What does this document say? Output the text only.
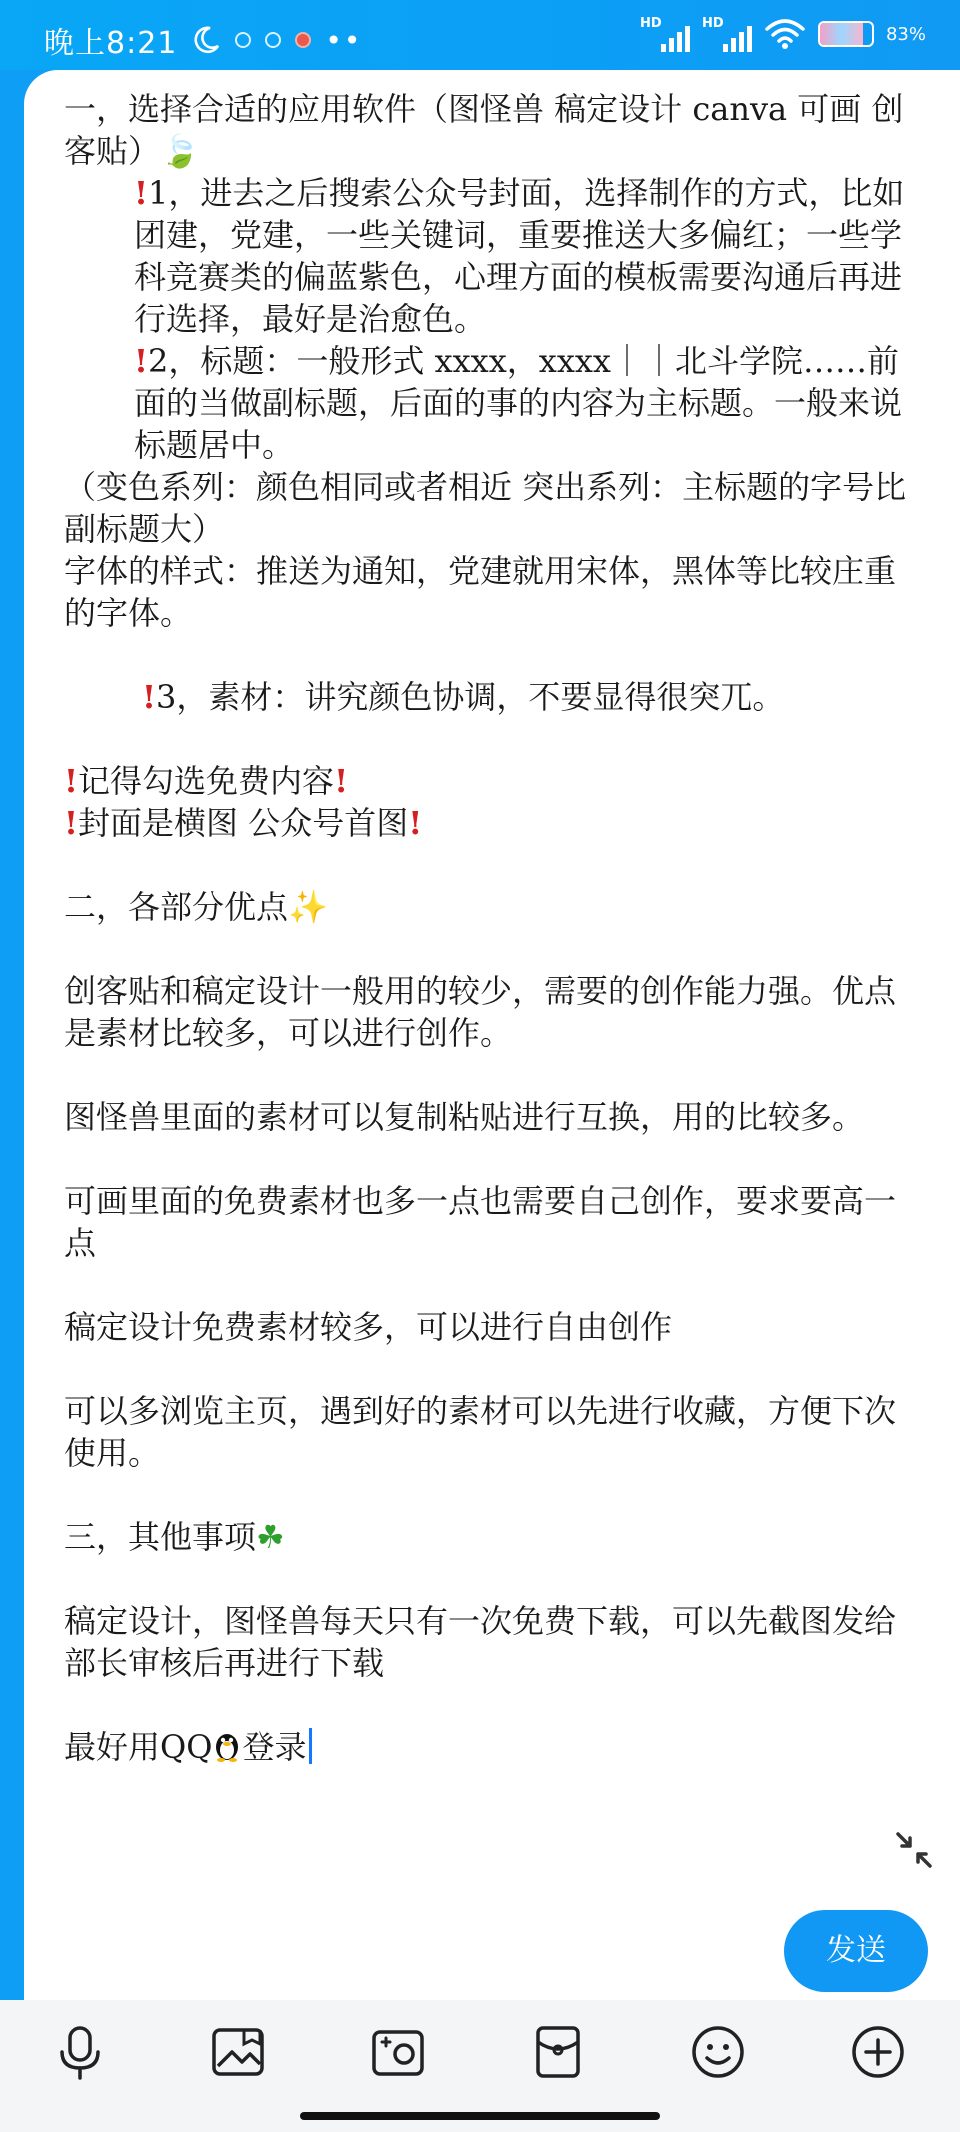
晚上8:21	••	HD	HD	83%

一，选择合适的应用软件（图怪兽 稿定设计 canva 可画 创客贴）🍃

!1，进去之后搜索公众号封面，选择制作的方式，比如团建，党建，一些关键词，重要推送大多偏红；一些学科竞赛类的偏蓝紫色，心理方面的模板需要沟通后再进行选择，最好是治愈色。

!2，标题：一般形式 xxxx，xxxx｜｜北斗学院……前面的当做副标题，后面的事的内容为主标题。一般来说标题居中。

（变色系列：颜色相同或者相近 突出系列：主标题的字号比副标题大）

字体的样式：推送为通知，党建就用宋体，黑体等比较庄重的字体。

!3，素材：讲究颜色协调，不要显得很突兀。

!记得勾选免费内容!

!封面是横图 公众号首图!

二，各部分优点✨

创客贴和稿定设计一般用的较少，需要的创作能力强。优点是素材比较多，可以进行创作。

图怪兽里面的素材可以复制粘贴进行互换，用的比较多。

可画里面的免费素材也多一点也需要自己创作，要求要高一点

稿定设计免费素材较多，可以进行自由创作

可以多浏览主页，遇到好的素材可以先进行收藏，方便下次使用。

三，其他事项☘

稿定设计，图怪兽每天只有一次免费下载，可以先截图发给部长审核后再进行下载

最好用QQ 登录

发送
